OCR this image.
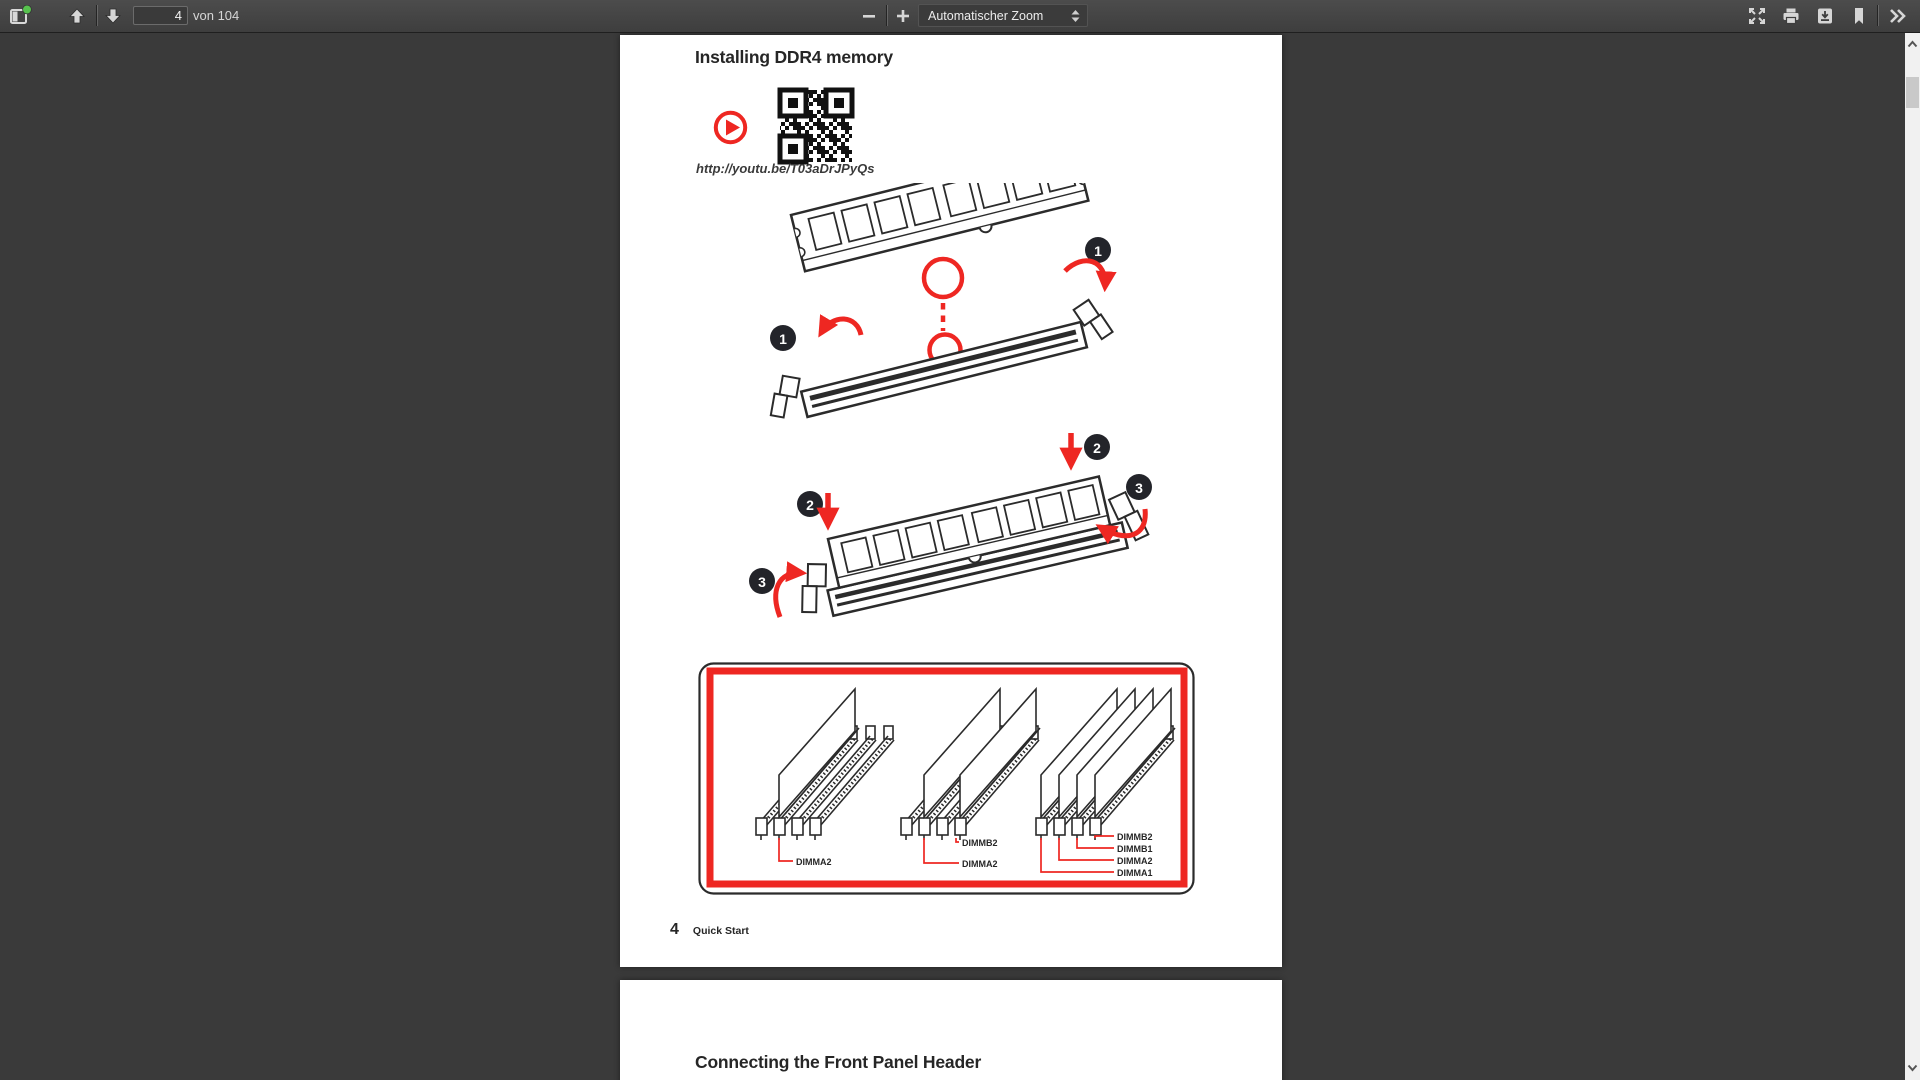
4
von 104	Automatischer Zoom
Installing DDR4 memory
http://youtu.be/T03aDrJPyQs
1
1
2
2
3
3
DIMMA2
DIMMB2
DIMMA2
DIMMB2
DIMMB1
DIMMA2
DIMMA1
4 Quick Start
Connecting the Front Panel Header
